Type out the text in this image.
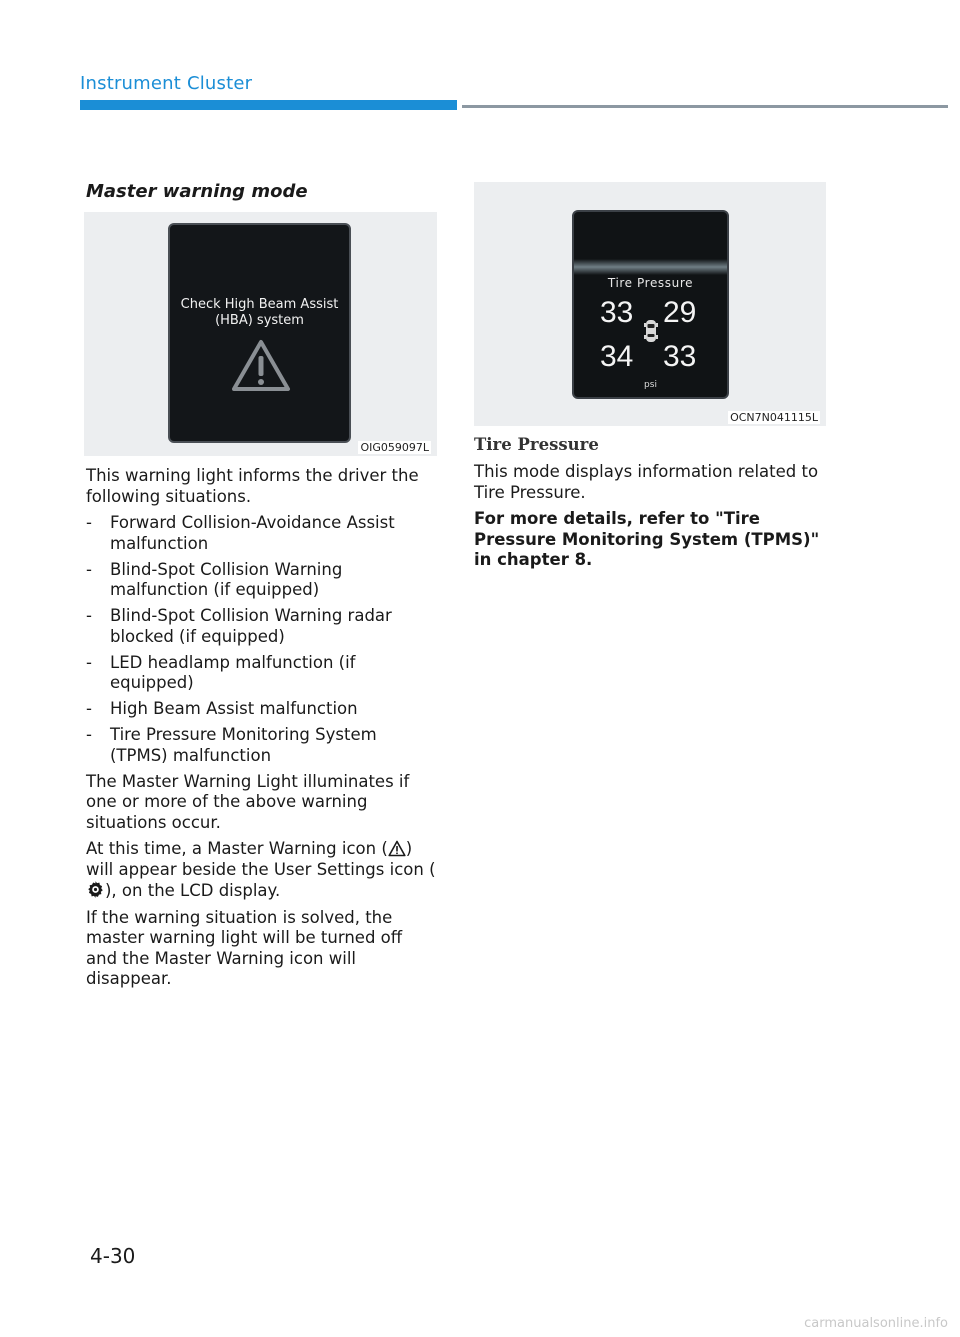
Instrument Cluster
Master warning mode
Check High Beam Assist
(HBA) system
OIG059097L

This warning light informs the driver the following situations.

- Forward Collision-Avoidance Assist malfunction
- Blind-Spot Collision Warning malfunction (if equipped)
- Blind-Spot Collision Warning radar blocked (if equipped)
- LED headlamp malfunction (if equipped)
- High Beam Assist malfunction
- Tire Pressure Monitoring System (TPMS) malfunction

The Master Warning Light illuminates if one or more of the above warning situations occur.

At this time, a Master Warning icon ( ) will appear beside the User Settings icon (), on the LCD display.

If the warning situation is solved, the master warning light will be turned off and the Master Warning icon will disappear.

Tire Pressure
33 29
34 33
psi
OCN7N041115L
Tire Pressure

This mode displays information related to Tire Pressure.

For more details, refer to "Tire Pressure Monitoring System (TPMS)" in chapter 8.

4-30
carmanualsonline.info
